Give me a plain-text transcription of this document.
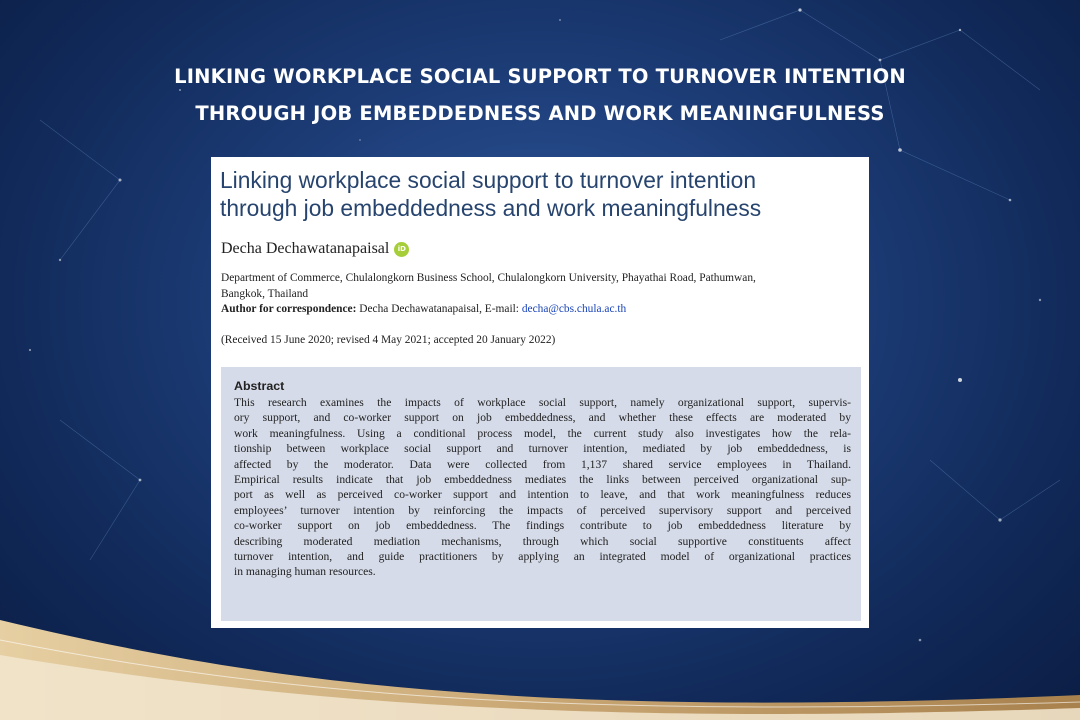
LINKING WORKPLACE SOCIAL SUPPORT TO TURNOVER INTENTION
THROUGH JOB EMBEDDEDNESS AND WORK MEANINGFULNESS
Linking workplace social support to turnover intention
through job embeddedness and work meaningfulness
Decha Dechawatanapaisal	iD
Department of Commerce, Chulalongkorn Business School, Chulalongkorn University, Phayathai Road, Pathumwan,
Bangkok, Thailand
Author for correspondence: Decha Dechawatanapaisal, E-mail: decha@cbs.chula.ac.th
(Received 15 June 2020; revised 4 May 2021; accepted 20 January 2022)
Abstract
This research examines the impacts of workplace social support, namely organizational support, supervis-
ory support, and co-worker support on job embeddedness, and whether these effects are moderated by
work meaningfulness. Using a conditional process model, the current study also investigates how the rela-
tionship between workplace social support and turnover intention, mediated by job embeddedness, is
affected by the moderator. Data were collected from 1,137 shared service employees in Thailand.
Empirical results indicate that job embeddedness mediates the links between perceived organizational sup-
port as well as perceived co-worker support and intention to leave, and that work meaningfulness reduces
employees’ turnover intention by reinforcing the impacts of perceived supervisory support and perceived
co-worker support on job embeddedness. The findings contribute to job embeddedness literature by
describing moderated mediation mechanisms, through which social supportive constituents affect
turnover intention, and guide practitioners by applying an integrated model of organizational practices
in managing human resources.
